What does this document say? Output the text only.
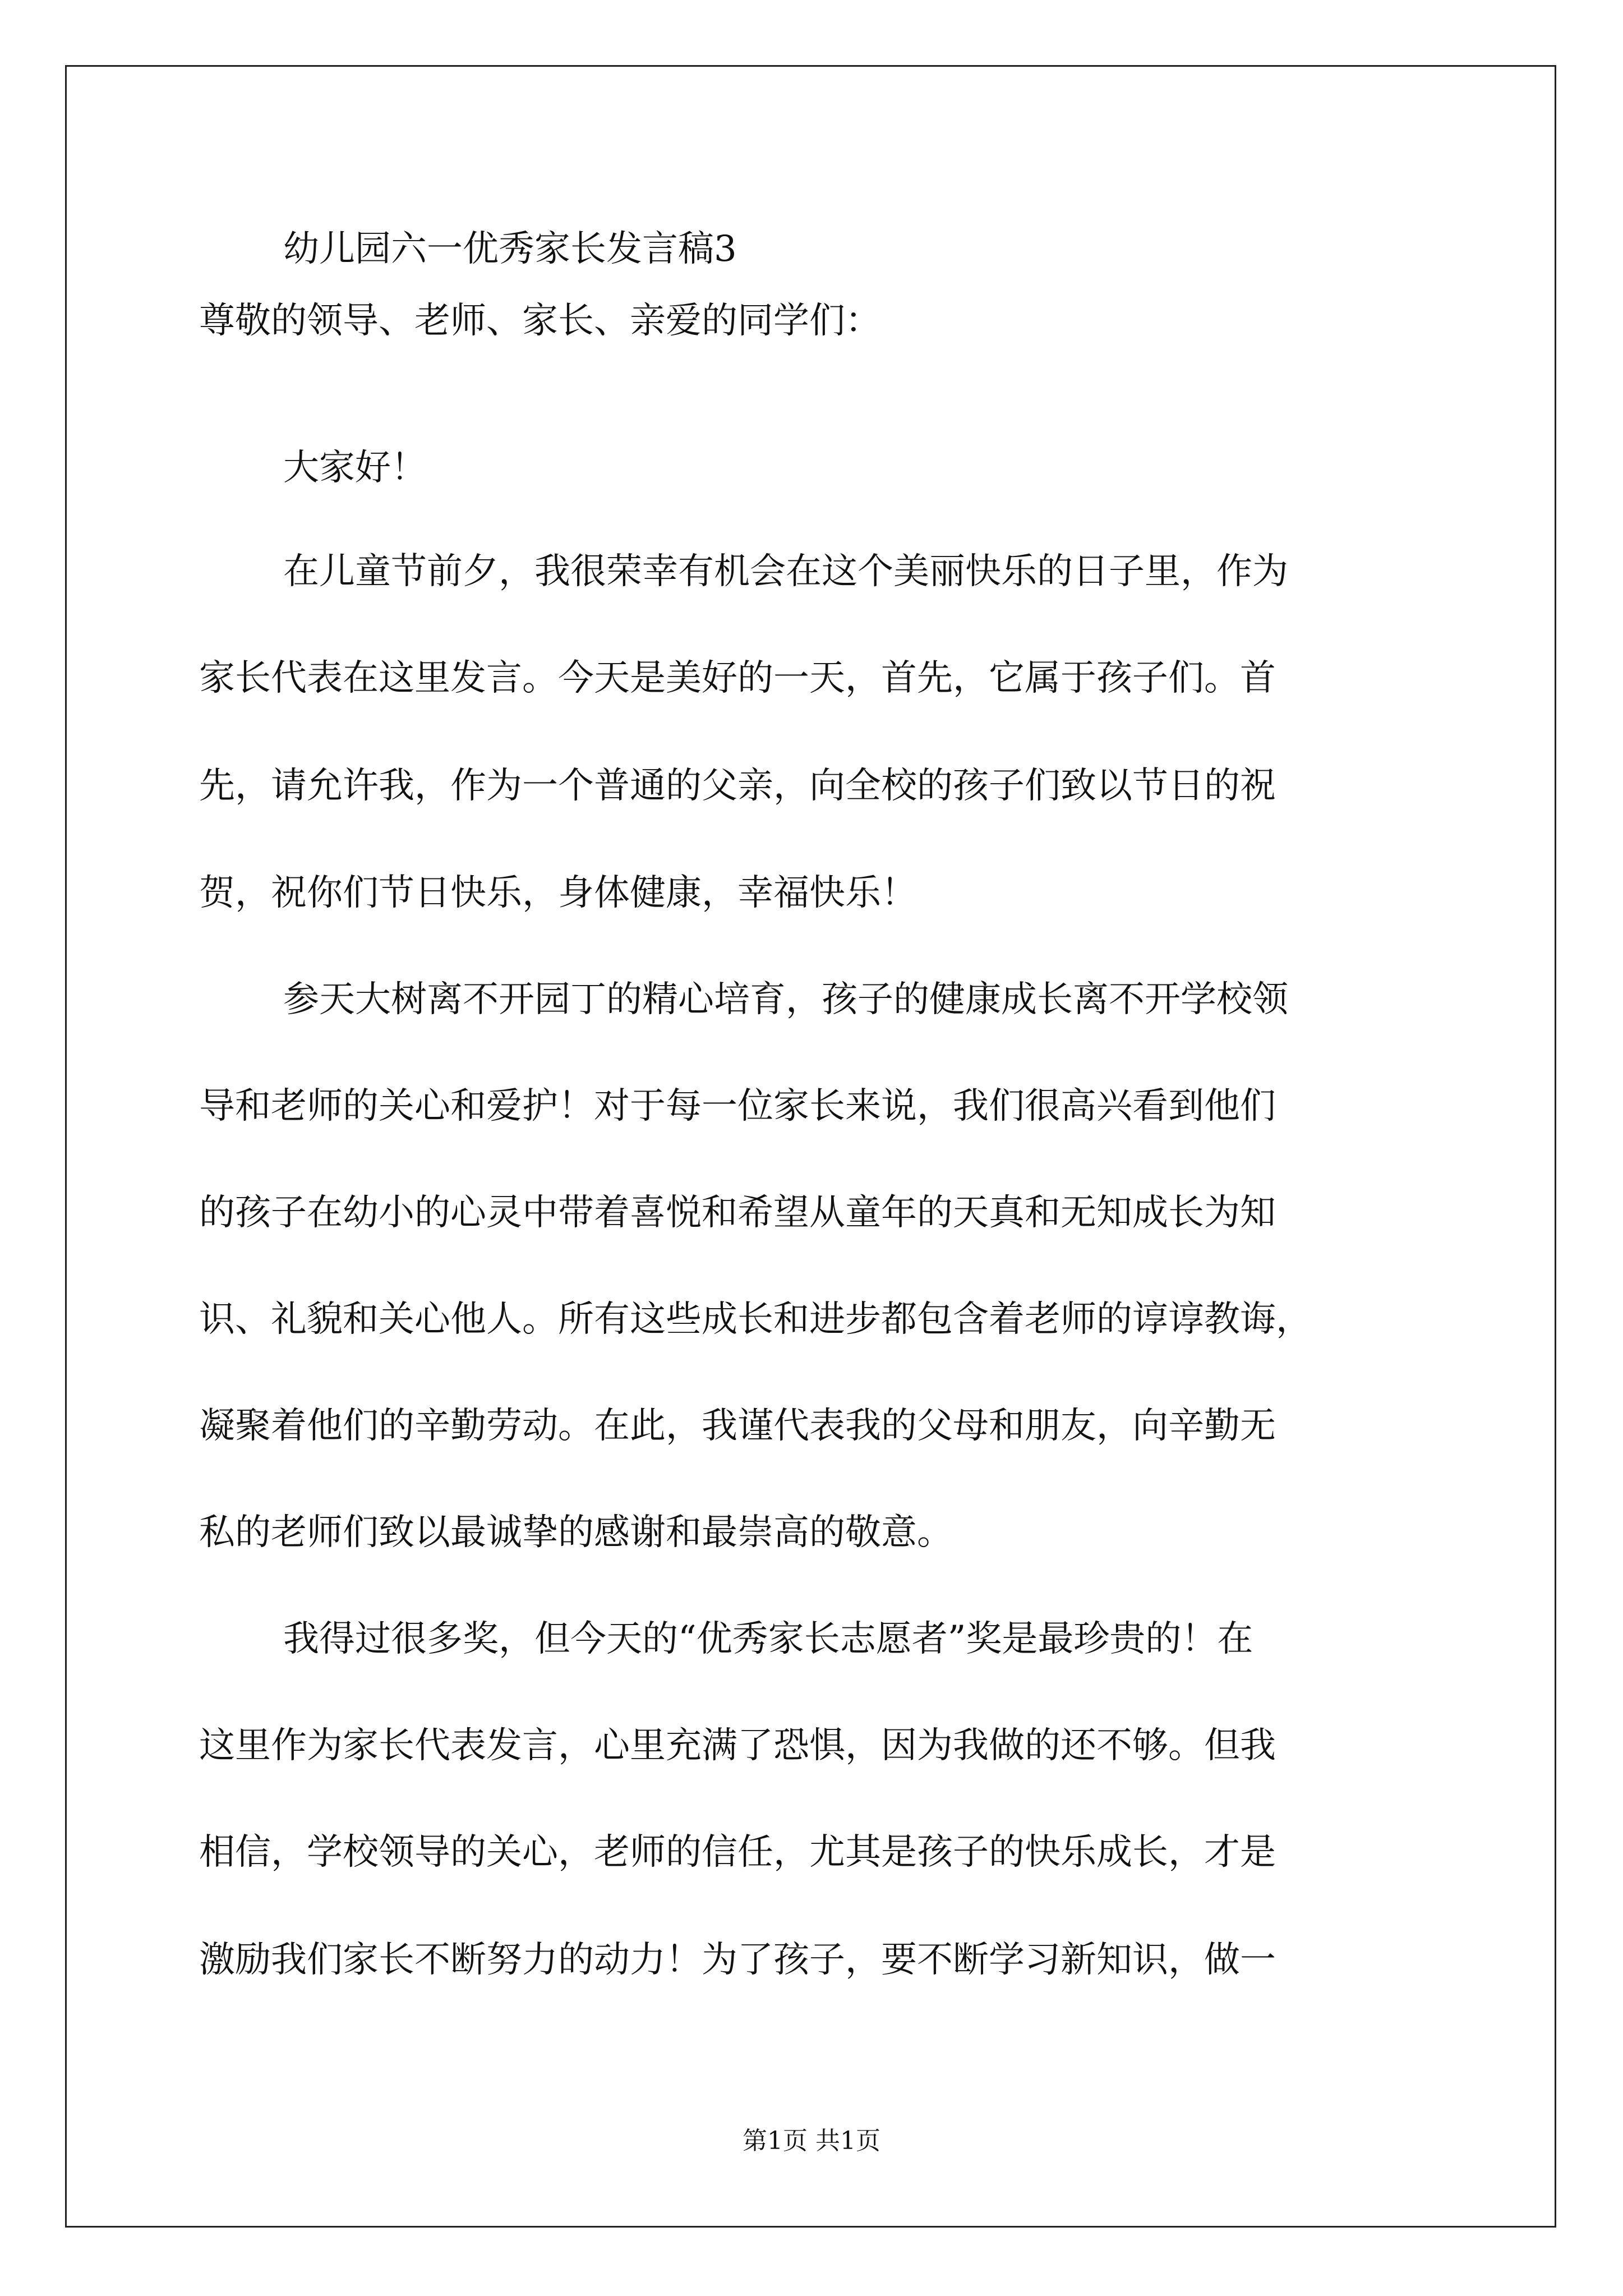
幼儿园六一优秀家长发言稿3
尊敬的领导、老师、家长、亲爱的同学们：
大家好！
在儿童节前夕，我很荣幸有机会在这个美丽快乐的日子里，作为
家长代表在这里发言。今天是美好的一天，首先，它属于孩子们。首
先，请允许我，作为一个普通的父亲，向全校的孩子们致以节日的祝
贺，祝你们节日快乐，身体健康，幸福快乐！
参天大树离不开园丁的精心培育，孩子的健康成长离不开学校领
导和老师的关心和爱护！对于每一位家长来说，我们很高兴看到他们
的孩子在幼小的心灵中带着喜悦和希望从童年的天真和无知成长为知
识、礼貌和关心他人。所有这些成长和进步都包含着老师的谆谆教诲，
凝聚着他们的辛勤劳动。在此，我谨代表我的父母和朋友，向辛勤无
私的老师们致以最诚挚的感谢和最崇高的敬意。
我得过很多奖，但今天的“优秀家长志愿者”奖是最珍贵的！在
这里作为家长代表发言，心里充满了恐惧，因为我做的还不够。但我
相信，学校领导的关心，老师的信任，尤其是孩子的快乐成长，才是
激励我们家长不断努力的动力！为了孩子，要不断学习新知识，做一
第1页 共1页
